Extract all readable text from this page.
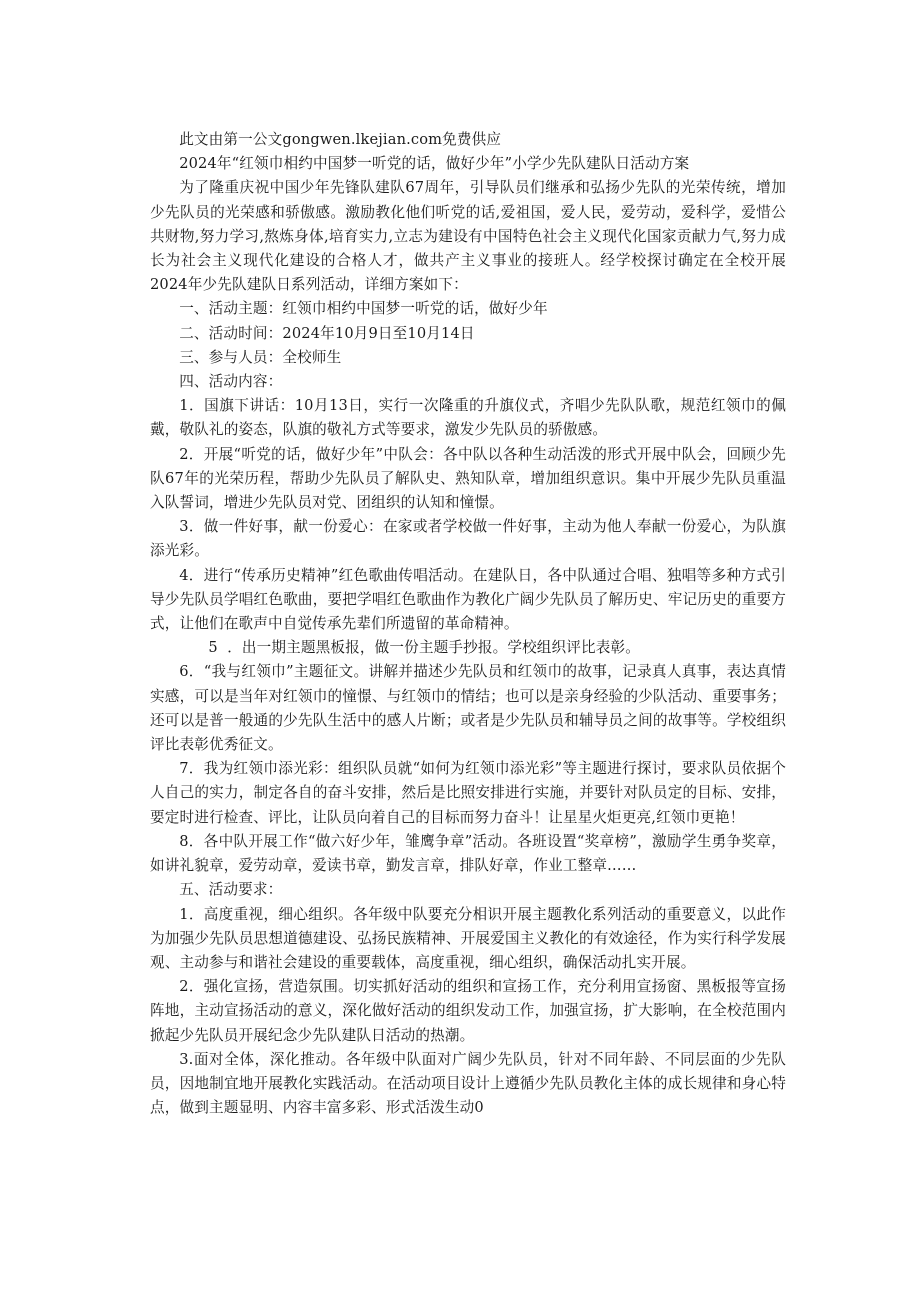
此文由第一公文gongwen.lkejian.com免费供应

2024年“红领巾相约中国梦一听党的话，做好少年”小学少先队建队日活动方案

为了隆重庆祝中国少年先锋队建队67周年，引导队员们继承和弘扬少先队的光荣传统，增加少先队员的光荣感和骄傲感。激励教化他们听党的话,爱祖国，爱人民，爱劳动，爱科学，爱惜公共财物,努力学习,熬炼身体,培育实力,立志为建设有中国特色社会主义现代化国家贡献力气,努力成长为社会主义现代化建设的合格人才，做共产主义事业的接班人。经学校探讨确定在全校开展2024年少先队建队日系列活动，详细方案如下：

一、活动主题：红领巾相约中国梦一听党的话，做好少年

二、活动时间：2024年10月9日至10月14日

三、参与人员：全校师生

四、活动内容：

1．国旗下讲话：10月13日，实行一次隆重的升旗仪式，齐唱少先队队歌，规范红领巾的佩戴，敬队礼的姿态，队旗的敬礼方式等要求，激发少先队员的骄傲感。

2．开展“听党的话，做好少年”中队会：各中队以各种生动活泼的形式开展中队会，回顾少先队67年的光荣历程，帮助少先队员了解队史、熟知队章，增加组织意识。集中开展少先队员重温入队誓词，增进少先队员对党、团组织的认知和憧憬。

3．做一件好事，献一份爱心：在家或者学校做一件好事，主动为他人奉献一份爱心，为队旗添光彩。

4．进行“传承历史精神”红色歌曲传唱活动。在建队日，各中队通过合唱、独唱等多种方式引导少先队员学唱红色歌曲，要把学唱红色歌曲作为教化广阔少先队员了解历史、牢记历史的重要方式，让他们在歌声中自觉传承先辈们所遗留的革命精神。

5 ．出一期主题黑板报，做一份主题手抄报。学校组织评比表彰。

6．“我与红领巾”主题征文。讲解并描述少先队员和红领巾的故事，记录真人真事，表达真情实感，可以是当年对红领巾的憧憬、与红领巾的情结；也可以是亲身经验的少队活动、重要事务；还可以是普一般通的少先队生活中的感人片断；或者是少先队员和辅导员之间的故事等。学校组织评比表彰优秀征文。

7．我为红领巾添光彩：组织队员就“如何为红领巾添光彩”等主题进行探讨，要求队员依据个人自己的实力，制定各自的奋斗安排，然后是比照安排进行实施，并要针对队员定的目标、安排，要定时进行检查、评比，让队员向着自己的目标而努力奋斗！让星星火炬更亮,红领巾更艳！

8．各中队开展工作“做六好少年，雏鹰争章”活动。各班设置“奖章榜”，激励学生勇争奖章，如讲礼貌章，爱劳动章，爱读书章，勤发言章，排队好章，作业工整章……

五、活动要求：

1．高度重视，细心组织。各年级中队要充分相识开展主题教化系列活动的重要意义，以此作为加强少先队员思想道德建设、弘扬民族精神、开展爱国主义教化的有效途径，作为实行科学发展观、主动参与和谐社会建设的重要载体，高度重视，细心组织，确保活动扎实开展。

2．强化宣扬，营造氛围。切实抓好活动的组织和宣扬工作，充分利用宣扬窗、黑板报等宣扬阵地，主动宣扬活动的意义，深化做好活动的组织发动工作，加强宣扬，扩大影响，在全校范围内掀起少先队员开展纪念少先队建队日活动的热潮。

3.面对全体，深化推动。各年级中队面对广阔少先队员，针对不同年龄、不同层面的少先队员，因地制宜地开展教化实践活动。在活动项目设计上遵循少先队员教化主体的成长规律和身心特点，做到主题显明、内容丰富多彩、形式活泼生动0
